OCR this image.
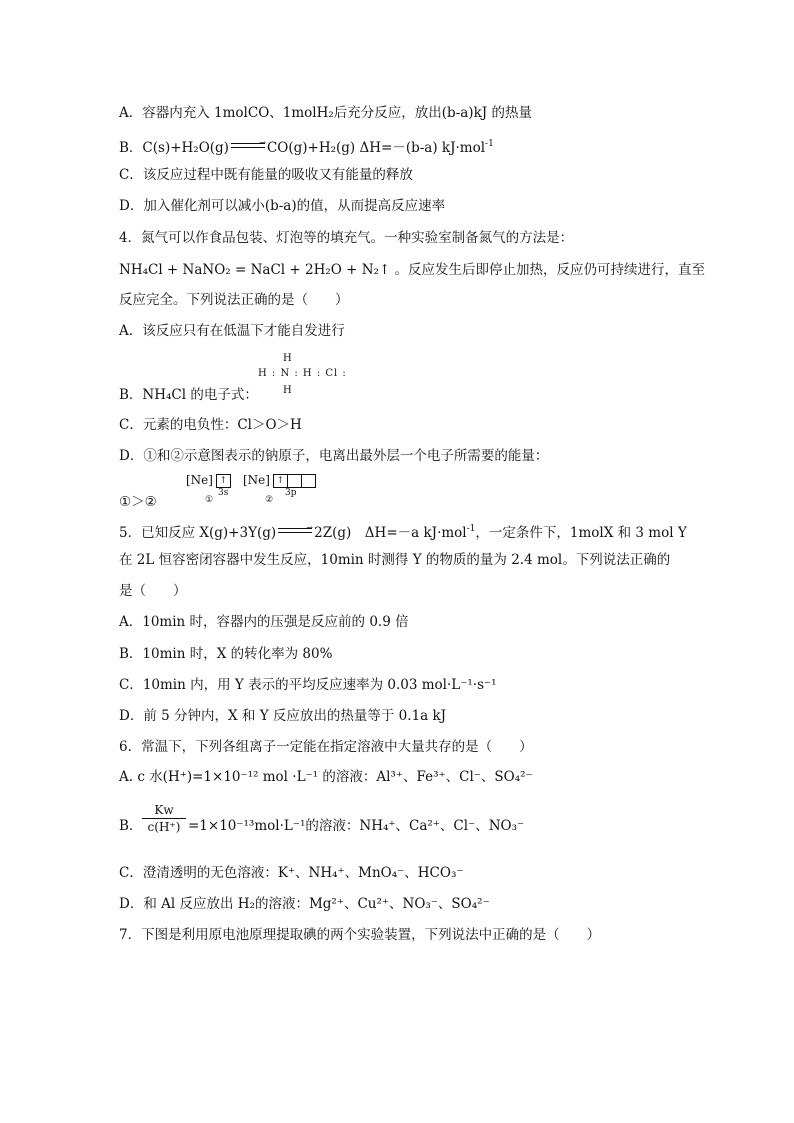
A．容器内充入 1molCO、1molH₂后充分反应，放出(b-a)kJ 的热量
B．C(s)+H₂O(g)	⇀ CO(g)+H₂(g) ΔH=－(b-a) kJ·mol$^{-1}$
C．该反应过程中既有能量的吸收又有能量的释放
D．加入催化剂可以减小(b-a)的值，从而提高反应速率
4．氮气可以作食品包装、灯泡等的填充气。一种实验室制备氮气的方法是：
NH₄Cl + NaNO₂ = NaCl + 2H₂O + N₂↑ 。反应发生后即停止加热，反应仍可持续进行，直至
反应完全。下列说法正确的是（　　）
A．该反应只有在低温下才能自发进行
H
H : N : H : Cl :
H
B．NH₄Cl 的电子式：
C．元素的电负性：Cl＞O＞H
D．①和②示意图表示的钠原子，电离出最外层一个电子所需要的能量：
[Ne] ↑
3s
①
[Ne] ↑
3p
②
①＞②
5．已知反应 X(g)+3Y(g)	⇀ 2Z(g)　ΔH=－a kJ·mol$^{-1}$，一定条件下，1molX 和 3 mol Y
在 2L 恒容密闭容器中发生反应，10min 时测得 Y 的物质的量为 2.4 mol。下列说法正确的
是（　　）
A．10min 时，容器内的压强是反应前的 0.9 倍
B．10min 时，X 的转化率为 80%
C．10min 内，用 Y 表示的平均反应速率为 0.03 mol·L⁻¹·s⁻¹
D．前 5 分钟内，X 和 Y 反应放出的热量等于 0.1a kJ
6．常温下，下列各组离子一定能在指定溶液中大量共存的是（　　）
A. c 水(H⁺)=1×10⁻¹² mol ·L⁻¹ 的溶液：Al³⁺、Fe³⁺、Cl⁻、SO₄²⁻
B．
Kw
c(H⁺) =1×10⁻¹³mol·L⁻¹的溶液：NH₄⁺、Ca²⁺、Cl⁻、NO₃⁻
C．澄清透明的无色溶液：K⁺、NH₄⁺、MnO₄⁻、HCO₃⁻
D．和 Al 反应放出 H₂的溶液：Mg²⁺、Cu²⁺、NO₃⁻、SO₄²⁻
7．下图是利用原电池原理提取碘的两个实验装置，下列说法中正确的是（　　）
